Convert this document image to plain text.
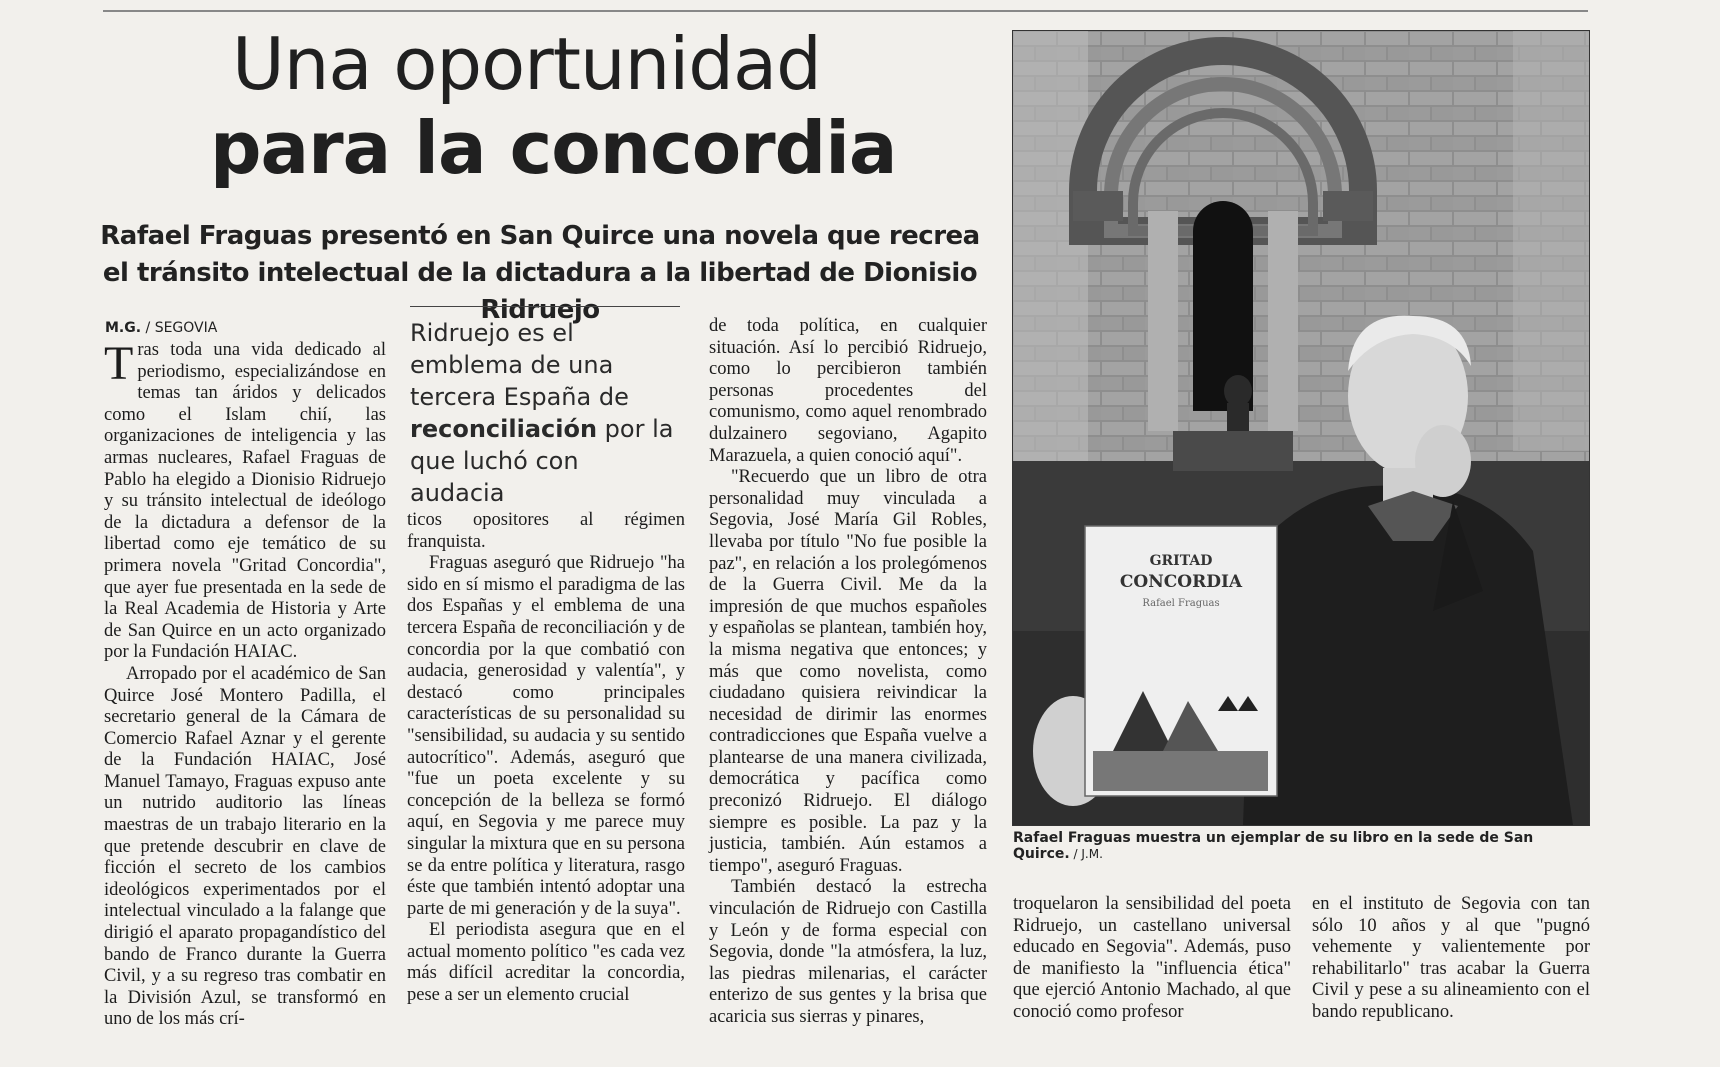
Una oportunidad
para la concordia
Rafael Fraguas presentó en San Quirce una novela que recrea el tránsito intelectual de la dictadura a la libertad de Dionisio Ridruejo
M.G. / SEGOVIA

Tras toda una vida dedicado al periodismo, especializándose en temas tan áridos y delicados como el Islam chií, las organizaciones de inteligencia y las armas nucleares, Rafael Fraguas de Pablo ha elegido a Dionisio Ridruejo y su tránsito intelectual de ideólogo de la dictadura a defensor de la libertad como eje temático de su primera novela "Gritad Concordia", que ayer fue presentada en la sede de la Real Academia de Historia y Arte de San Quirce en un acto organizado por la Fundación HAIAC.

Arropado por el académico de San Quirce José Montero Padilla, el secretario general de la Cámara de Comercio Rafael Aznar y el gerente de la Fundación HAIAC, José Manuel Tamayo, Fraguas expuso ante un nutrido auditorio las líneas maestras de un trabajo literario en la que pretende descubrir en clave de ficción el secreto de los cambios ideológicos experimentados por el intelectual vinculado a la falange que dirigió el aparato propagandístico del bando de Franco durante la Guerra Civil, y a su regreso tras combatir en la División Azul, se transformó en uno de los más crí-

Ridruejo es el emblema de una tercera España de reconciliación por la que luchó con audacia

ticos opositores al régimen franquista.

Fraguas aseguró que Ridruejo "ha sido en sí mismo el paradigma de las dos Españas y el emblema de una tercera España de reconciliación y de concordia por la que combatió con audacia, generosidad y valentía", y destacó como principales características de su personalidad su "sensibilidad, su audacia y su sentido autocrítico". Además, aseguró que "fue un poeta excelente y su concepción de la belleza se formó aquí, en Segovia y me parece muy singular la mixtura que en su persona se da entre política y literatura, rasgo éste que también intentó adoptar una parte de mi generación y de la suya".

El periodista asegura que en el actual momento político "es cada vez más difícil acreditar la concordia, pese a ser un elemento crucial

de toda política, en cualquier situación. Así lo percibió Ridruejo, como lo percibieron también personas procedentes del comunismo, como aquel renombrado dulzainero segoviano, Agapito Marazuela, a quien conoció aquí".

"Recuerdo que un libro de otra personalidad muy vinculada a Segovia, José María Gil Robles, llevaba por título "No fue posible la paz", en relación a los prolegómenos de la Guerra Civil. Me da la impresión de que muchos españoles y españolas se plantean, también hoy, la misma negativa que entonces; y más que como novelista, como ciudadano quisiera reivindicar la necesidad de dirimir las enormes contradicciones que España vuelve a plantearse de una manera civilizada, democrática y pacífica como preconizó Ridruejo. El diálogo siempre es posible. La paz y la justicia, también. Aún estamos a tiempo", aseguró Fraguas.

También destacó la estrecha vinculación de Ridruejo con Castilla y León y de forma especial con Segovia, donde "la atmósfera, la luz, las piedras milenarias, el carácter enterizo de sus gentes y la brisa que acaricia sus sierras y pinares,

troquelaron la sensibilidad del poeta Ridruejo, un castellano universal educado en Segovia". Además, puso de manifiesto la "influencia ética" que ejerció Antonio Machado, al que conoció como profesor

en el instituto de Segovia con tan sólo 10 años y al que "pugnó vehemente y valientemente por rehabilitarlo" tras acabar la Guerra Civil y pese a su alineamiento con el bando republicano.

GRITAD
CONCORDIA
Rafael Fraguas
Rafael Fraguas muestra un ejemplar de su libro en la sede de San Quirce. / J.M.
